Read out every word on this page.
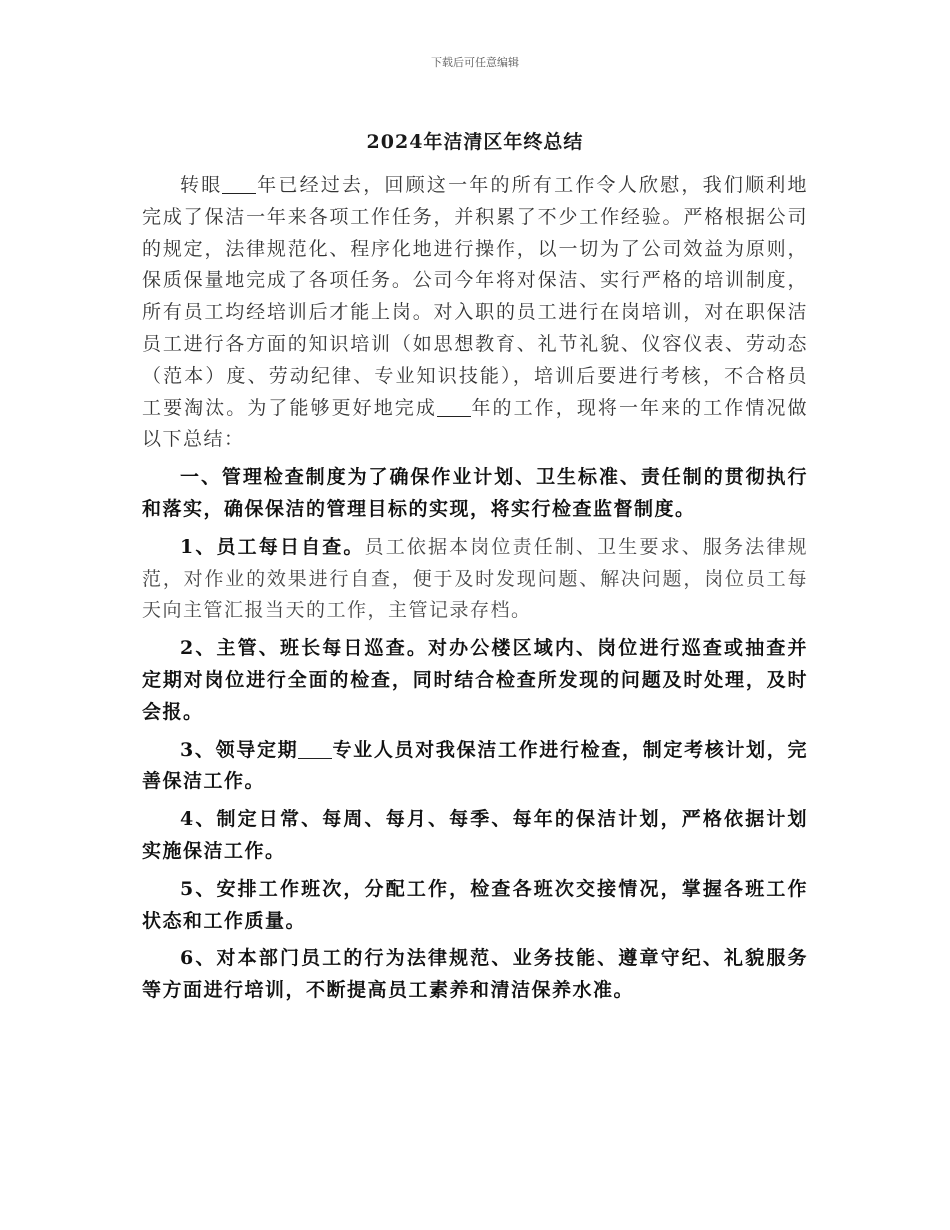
下载后可任意编辑
2024年洁清区年终总结

转眼 年已经过去，回顾这一年的所有工作令人欣慰，我们顺利地完成了保洁一年来各项工作任务，并积累了不少工作经验。严格根据公司的规定，法律规范化、程序化地进行操作，以一切为了公司效益为原则，保质保量地完成了各项任务。公司今年将对保洁、实行严格的培训制度，所有员工均经培训后才能上岗。对入职的员工进行在岗培训，对在职保洁员工进行各方面的知识培训（如思想教育、礼节礼貌、仪容仪表、劳动态（范本）度、劳动纪律、专业知识技能），培训后要进行考核，不合格员工要淘汰。为了能够更好地完成 年的工作，现将一年来的工作情况做以下总结：

一、管理检查制度为了确保作业计划、卫生标准、责任制的贯彻执行和落实，确保保洁的管理目标的实现，将实行检查监督制度。

1、员工每日自查。员工依据本岗位责任制、卫生要求、服务法律规范，对作业的效果进行自查，便于及时发现问题、解决问题，岗位员工每天向主管汇报当天的工作，主管记录存档。

2、主管、班长每日巡查。对办公楼区域内、岗位进行巡查或抽查并定期对岗位进行全面的检查，同时结合检查所发现的问题及时处理，及时会报。

3、领导定期 专业人员对我保洁工作进行检查，制定考核计划，完善保洁工作。

4、制定日常、每周、每月、每季、每年的保洁计划，严格依据计划实施保洁工作。

5、安排工作班次，分配工作，检查各班次交接情况，掌握各班工作状态和工作质量。

6、对本部门员工的行为法律规范、业务技能、遵章守纪、礼貌服务等方面进行培训，不断提高员工素养和清洁保养水准。
